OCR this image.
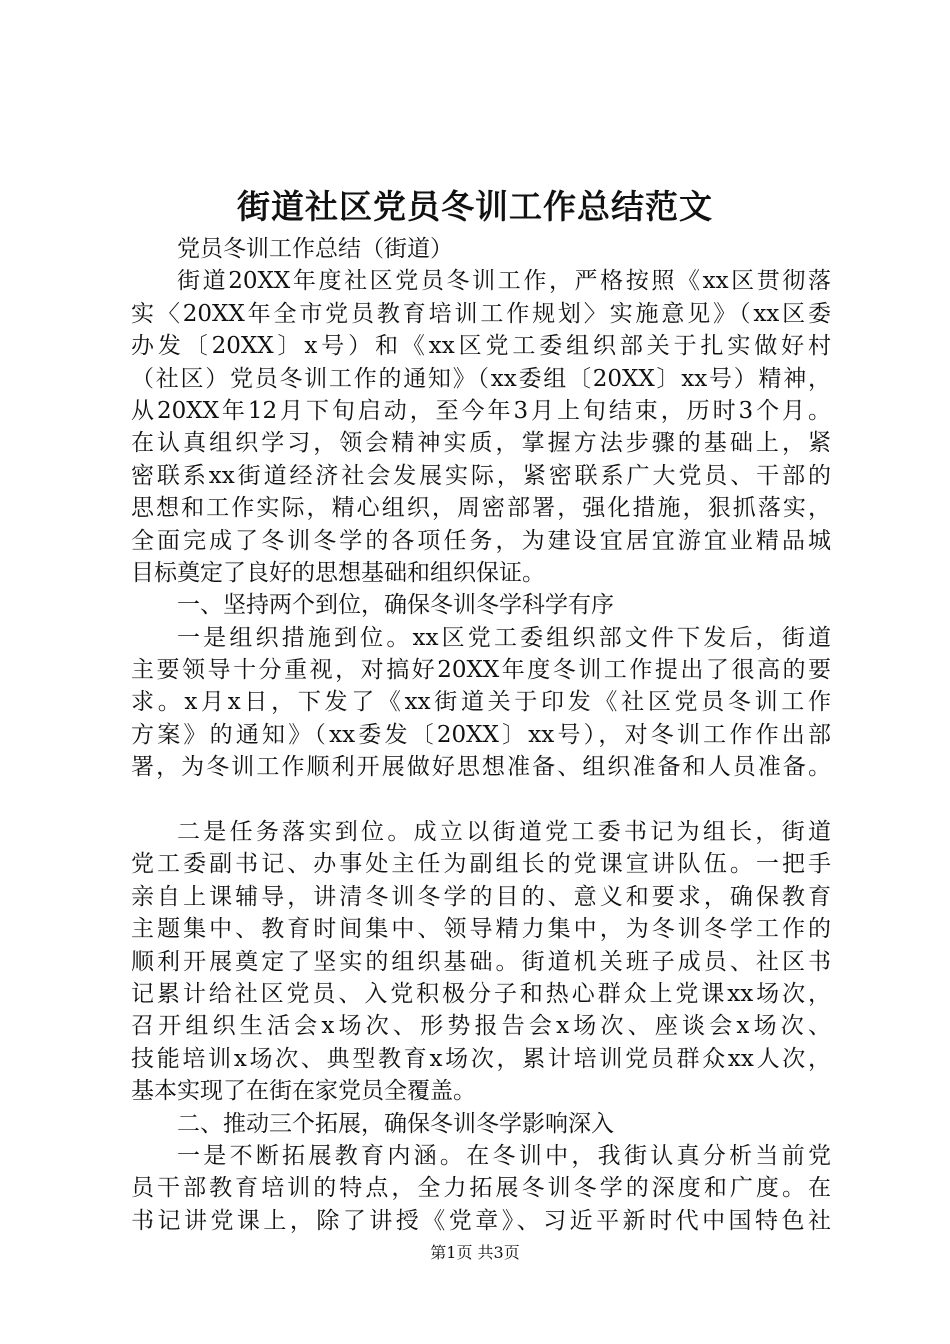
街道社区党员冬训工作总结范文
党员冬训工作总结（街道）
街道20XX年度社区党员冬训工作，严格按照《xx区贯彻落
实〈20XX年全市党员教育培训工作规划〉实施意见》（xx区委
办发〔20XX〕x号）和《xx区党工委组织部关于扎实做好村
（社区）党员冬训工作的通知》（xx委组〔20XX〕xx号）精神，
从20XX年12月下旬启动，至今年3月上旬结束，历时3个月。
在认真组织学习，领会精神实质，掌握方法步骤的基础上，紧
密联系xx街道经济社会发展实际，紧密联系广大党员、干部的
思想和工作实际，精心组织，周密部署，强化措施，狠抓落实，
全面完成了冬训冬学的各项任务，为建设宜居宜游宜业精品城
目标奠定了良好的思想基础和组织保证。
一、坚持两个到位，确保冬训冬学科学有序
一是组织措施到位。xx区党工委组织部文件下发后，街道
主要领导十分重视，对搞好20XX年度冬训工作提出了很高的要
求。x月x日，下发了《xx街道关于印发《社区党员冬训工作
方案》的通知》（xx委发〔20XX〕xx号），对冬训工作作出部
署，为冬训工作顺利开展做好思想准备、组织准备和人员准备。
二是任务落实到位。成立以街道党工委书记为组长，街道
党工委副书记、办事处主任为副组长的党课宣讲队伍。一把手
亲自上课辅导，讲清冬训冬学的目的、意义和要求，确保教育
主题集中、教育时间集中、领导精力集中，为冬训冬学工作的
顺利开展奠定了坚实的组织基础。街道机关班子成员、社区书
记累计给社区党员、入党积极分子和热心群众上党课xx场次，
召开组织生活会x场次、形势报告会x场次、座谈会x场次、
技能培训x场次、典型教育x场次，累计培训党员群众xx人次，
基本实现了在街在家党员全覆盖。
二、推动三个拓展，确保冬训冬学影响深入
一是不断拓展教育内涵。在冬训中，我街认真分析当前党
员干部教育培训的特点，全力拓展冬训冬学的深度和广度。在
书记讲党课上，除了讲授《党章》、习近平新时代中国特色社
第1页 共3页
